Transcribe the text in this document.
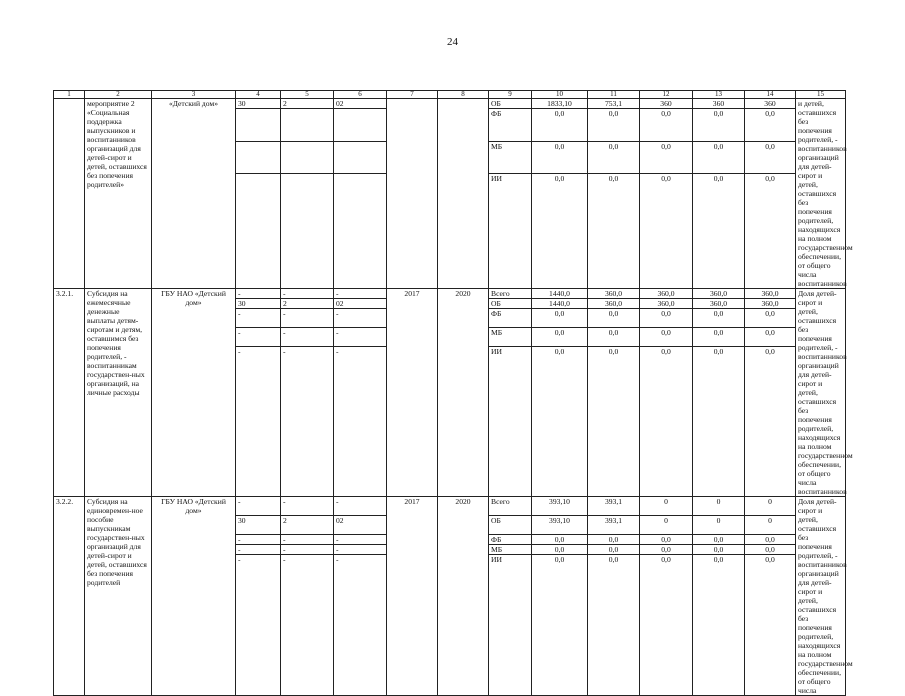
24
1	2	3	4	5	6	7	8	9	10	11	12	13	14	15
	мероприятие 2 «Социальная поддержка выпускников и воспитанников организаций для детей-сирот и детей, оставшихся без попечения родителей»	«Детский дом»	30	2	02			ОБ	1833,10	753,1	360	360	360	и детей, оставшихся без попечения родителей, - воспитанников организаций для детей-сирот и детей, оставшихся без попечения родителей, находящихся на полном государственном обеспечении, от общего числа воспитанников
								ФБ	0,0	0,0	0,0	0,0	0,0	

								МБ	0,0	0,0	0,0	0,0	0,0	

								ИИ	0,0	0,0	0,0	0,0	0,0	

3.2.1.	Субсидия на ежемесячные денежные выплаты детям-сиротам и детям, оставшимся без попечения родителей, - воспитанникам государствен-ных организаций, на личные расходы	ГБУ НАО «Детский дом»	-	-	-	2017	2020	Всего	1440,0	360,0	360,0	360,0	360,0	Доля детей-сирот и детей, оставшихся без попечения родителей, - воспитанников организаций для детей-сирот и детей, оставшихся без попечения родителей, находящихся на полном государственном обеспечении, от общего числа воспитанников
			30	2	02			ОБ	1440,0	360,0	360,0	360,0	360,0	
			-	-	-			ФБ	0,0	0,0	0,0	0,0	0,0	
			-	-	-			МБ	0,0	0,0	0,0	0,0	0,0	
			-	-	-			ИИ	0,0	0,0	0,0	0,0	0,0	

3.2.2.	Субсидия на единовремен-ное пособие выпускникам государствен-ных организаций для детей-сирот и детей, оставшихся без попечения родителей	ГБУ НАО «Детский дом»	-	-	-	2017	2020	Всего	393,10	393,1	0	0	0	Доля детей-сирот и детей, оставшихся без попечения родителей, - воспитанников организаций для детей-сирот и детей, оставшихся без попечения родителей, находящихся на полном государственном обеспечении, от общего числа
			30	2	02			ОБ	393,10	393,1	0	0	0	
			-	-	-			ФБ	0,0	0,0	0,0	0,0	0,0	
			-	-	-			МБ	0,0	0,0	0,0	0,0	0,0	
			-	-	-			ИИ	0,0	0,0	0,0	0,0	0,0	
